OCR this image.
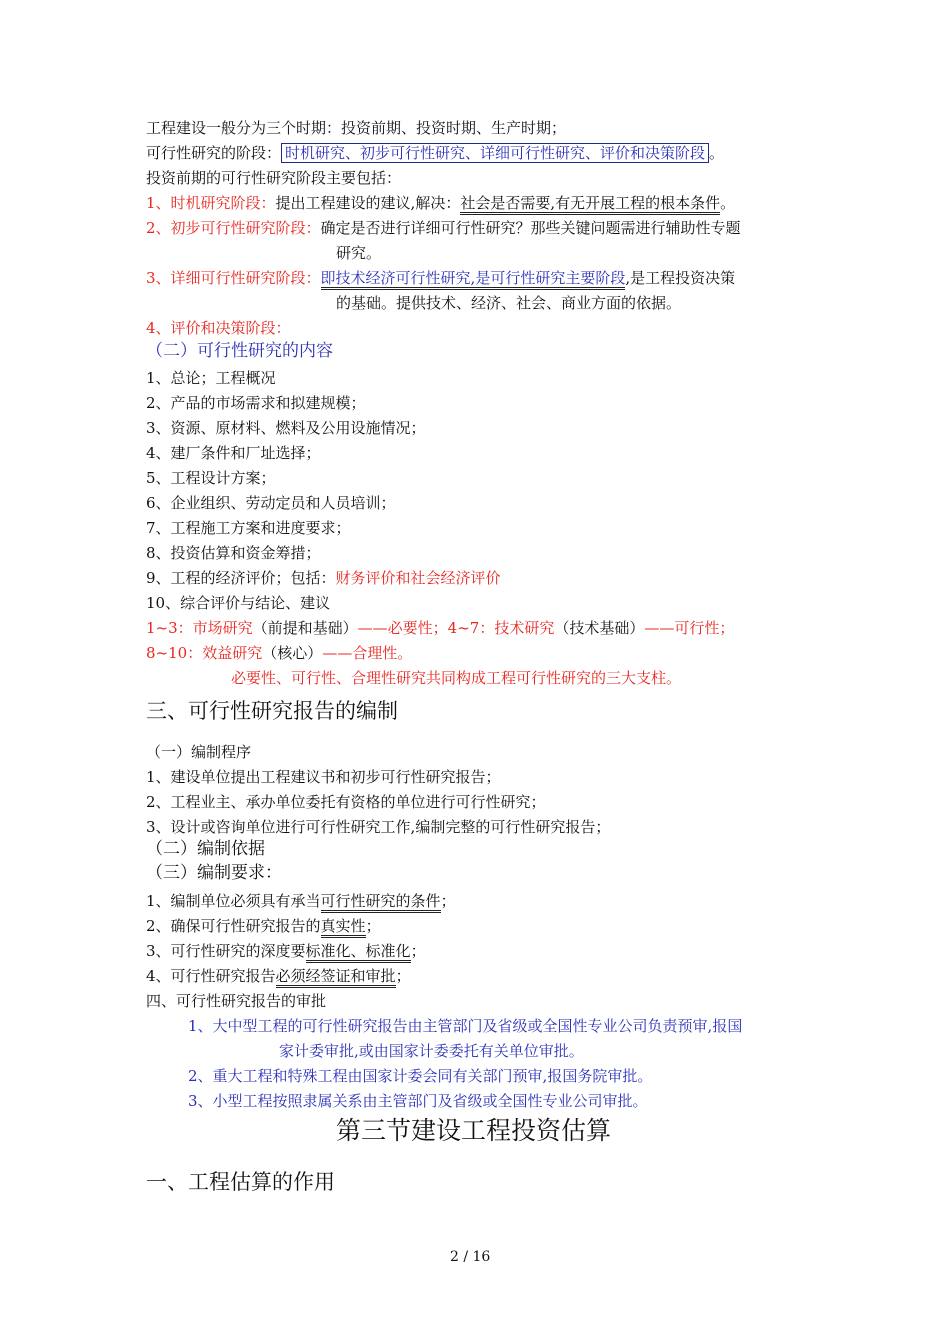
工程建设一般分为三个时期：投资前期、投资时期、生产时期；
可行性研究的阶段： 时机研究、初步可行性研究、详细可行性研究、评价和决策阶段 。
投资前期的可行性研究阶段主要包括：
1、时机研究阶段：提出工程建设的建议,解决：社会是否需要,有无开展工程的根本条件。
2、初步可行性研究阶段：确定是否进行详细可行性研究？那些关键问题需进行辅助性专题
研究。
3、详细可行性研究阶段：即技术经济可行性研究,是可行性研究主要阶段,是工程投资决策
的基础。提供技术、经济、社会、商业方面的依据。
4、评价和决策阶段：
（二）可行性研究的内容
1、总论；工程概况
2、产品的市场需求和拟建规模；
3、资源、原材料、燃料及公用设施情况；
4、建厂条件和厂址选择；
5、工程设计方案；
6、企业组织、劳动定员和人员培训；
7、工程施工方案和进度要求；
8、投资估算和资金筹措；
9、工程的经济评价；包括：财务评价和社会经济评价
10、综合评价与结论、建议
1~3：市场研究（前提和基础）——必要性；4~7：技术研究（技术基础）——可行性；
8~10：效益研究（核心）——合理性。
必要性、可行性、合理性研究共同构成工程可行性研究的三大支柱。
三、可行性研究报告的编制
（一）编制程序
1、建设单位提出工程建议书和初步可行性研究报告；
2、工程业主、承办单位委托有资格的单位进行可行性研究；
3、设计或咨询单位进行可行性研究工作,编制完整的可行性研究报告；
（二）编制依据
（三）编制要求：
1、编制单位必须具有承当可行性研究的条件；
2、确保可行性研究报告的真实性；
3、可行性研究的深度要标准化、标准化；
4、可行性研究报告必须经签证和审批；
四、可行性研究报告的审批
1、大中型工程的可行性研究报告由主管部门及省级或全国性专业公司负责预审,报国
家计委审批,或由国家计委委托有关单位审批。
2、重大工程和特殊工程由国家计委会同有关部门预审,报国务院审批。
3、小型工程按照隶属关系由主管部门及省级或全国性专业公司审批。
第三节建设工程投资估算
一、工程估算的作用
2 / 16
